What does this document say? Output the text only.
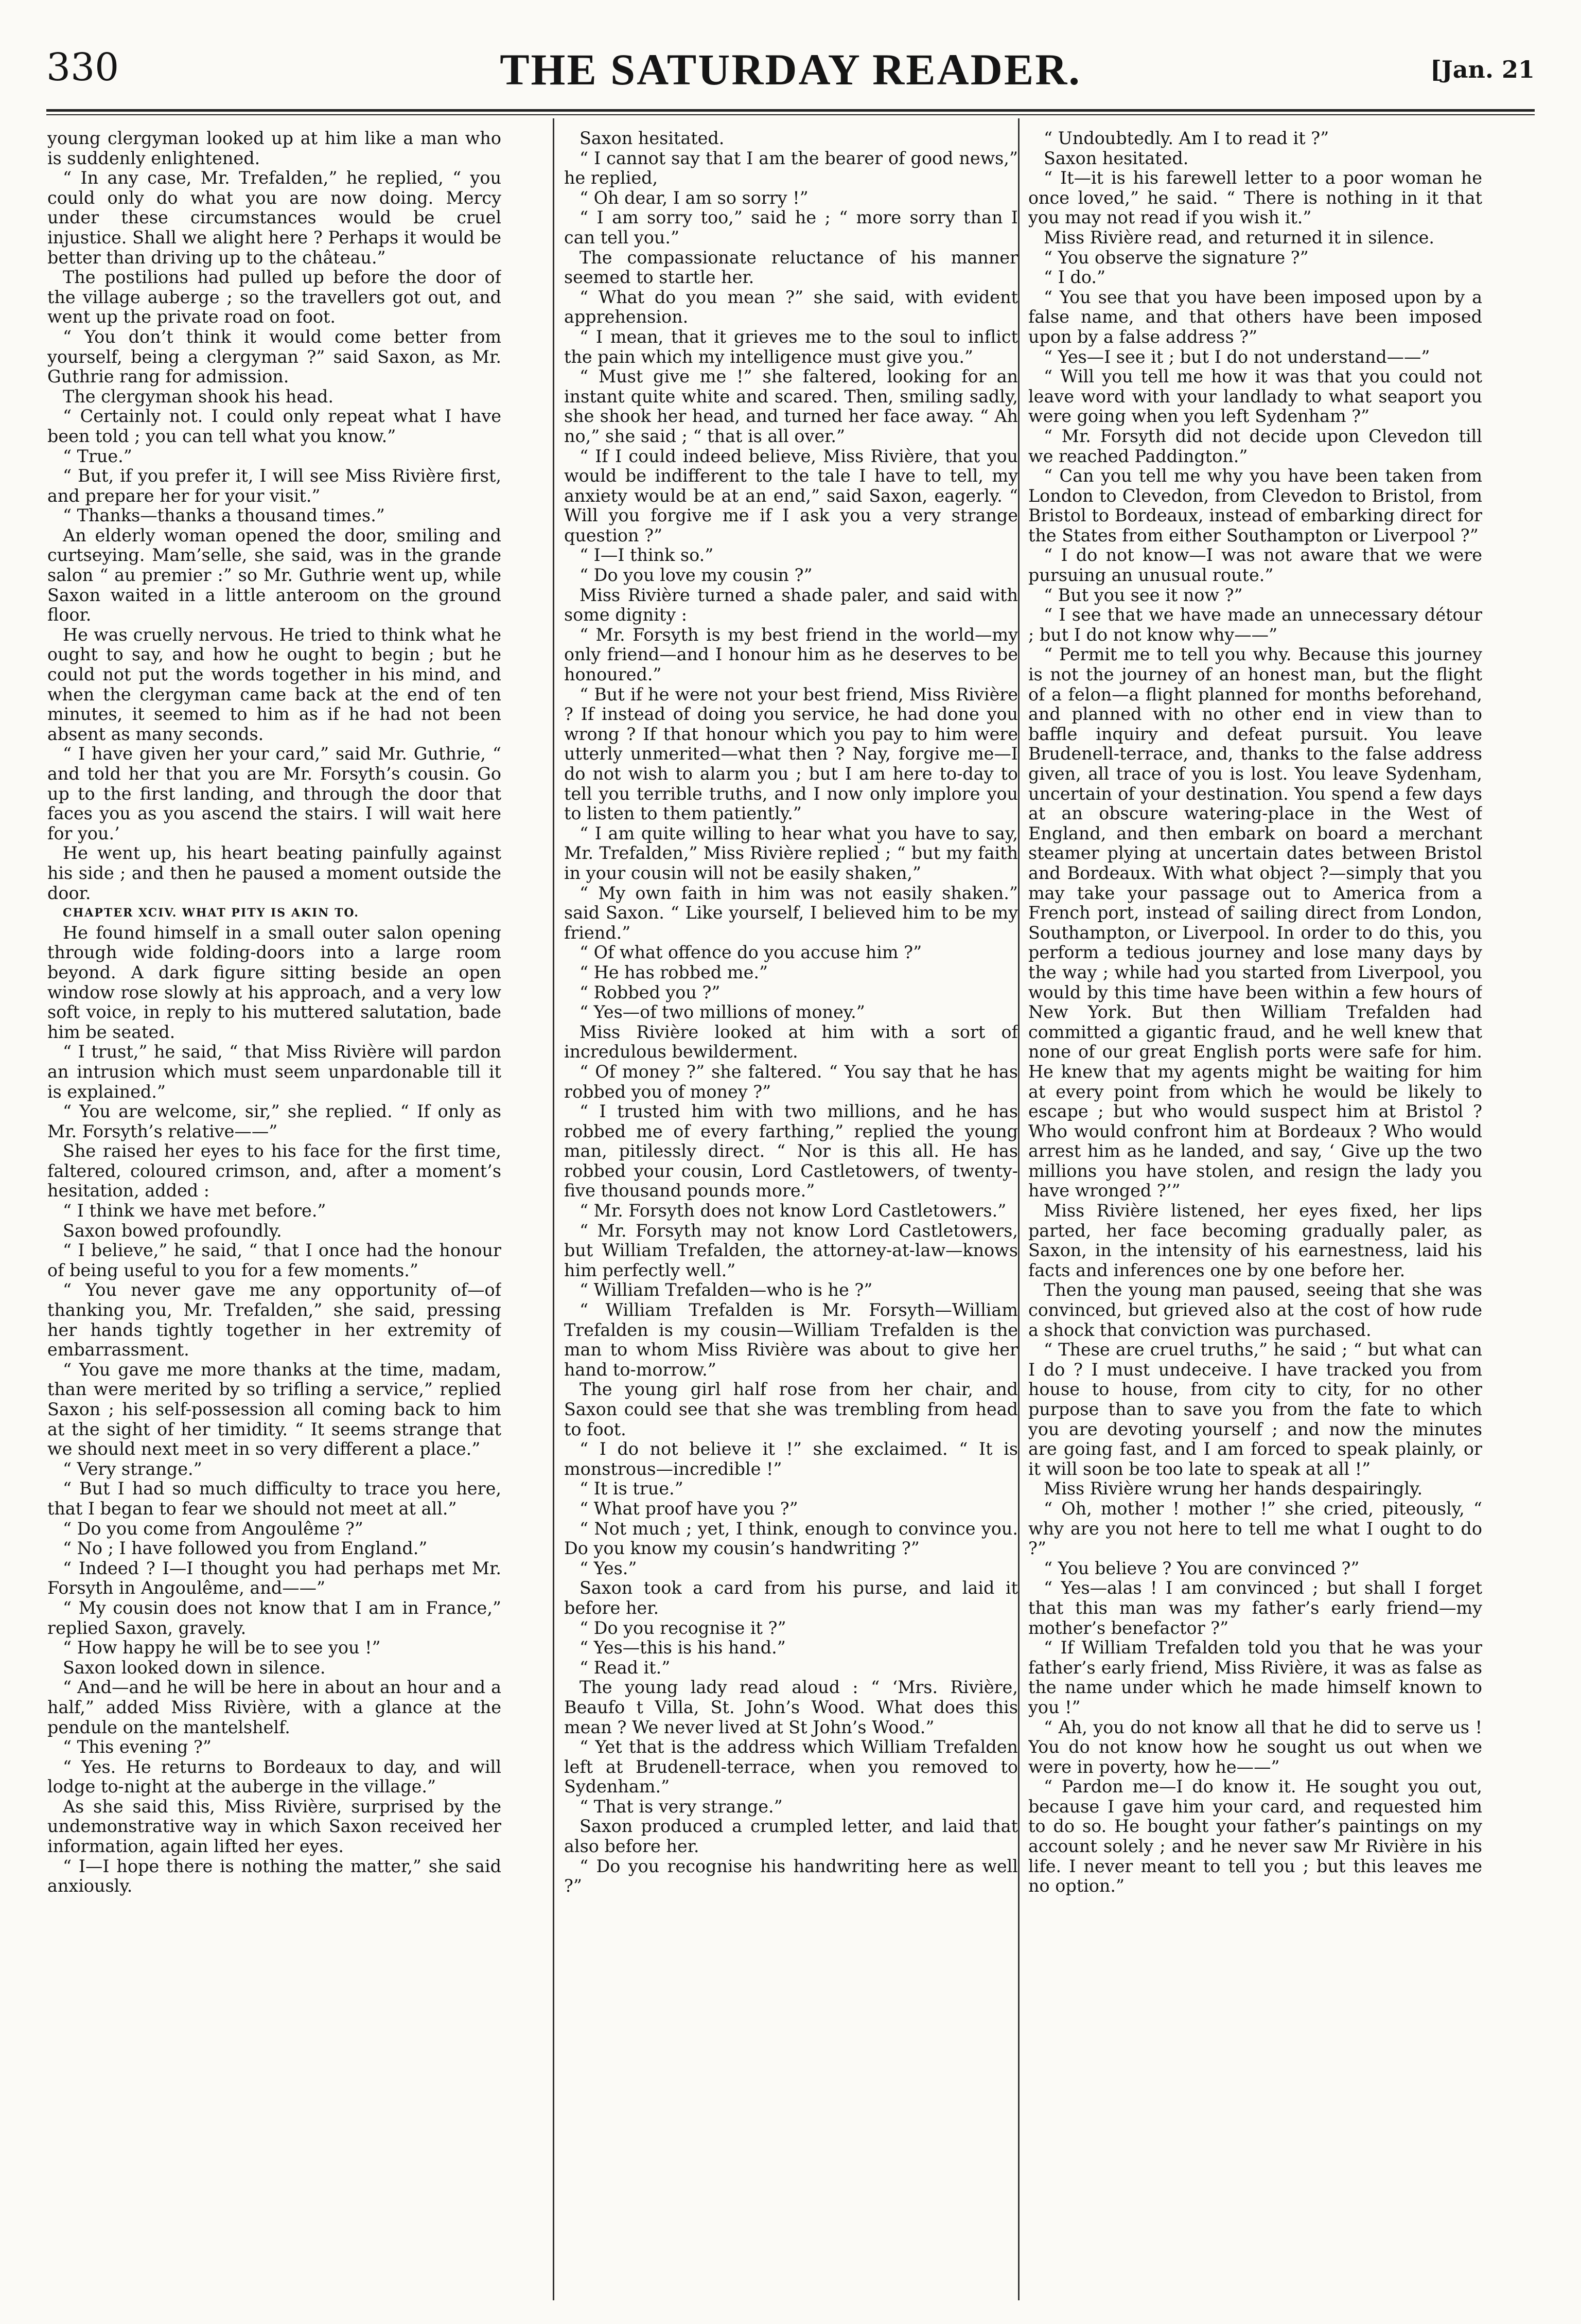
330	THE SATURDAY READER.	[Jan. 21

young clergyman looked up at him like a man who is suddenly enlightened.

“ In any case, Mr. Trefalden,” he replied, “ you could only do what you are now doing. Mercy under these circumstances would be cruel injustice. Shall we alight here ? Perhaps it would be better than driving up to the château.”

The postilions had pulled up before the door of the village auberge ; so the travellers got out, and went up the private road on foot.

“ You don’t think it would come better from yourself, being a clergyman ?” said Saxon, as Mr. Guthrie rang for admission.

The clergyman shook his head.

“ Certainly not. I could only repeat what I have been told ; you can tell what you know.”

“ True.”

“ But, if you prefer it, I will see Miss Rivière first, and prepare her for your visit.”

“ Thanks—thanks a thousand times.”

An elderly woman opened the door, smiling and curtseying. Mam’selle, she said, was in the grande salon “ au premier :” so Mr. Guthrie went up, while Saxon waited in a little anteroom on the ground floor.

He was cruelly nervous. He tried to think what he ought to say, and how he ought to begin ; but he could not put the words together in his mind, and when the clergyman came back at the end of ten minutes, it seemed to him as if he had not been absent as many seconds.

“ I have given her your card,” said Mr. Guthrie, “ and told her that you are Mr. Forsyth’s cousin. Go up to the first landing, and through the door that faces you as you ascend the stairs. I will wait here for you.’

He went up, his heart beating painfully against his side ; and then he paused a moment outside the door.

CHAPTER XCIV. WHAT PITY IS AKIN TO.

He found himself in a small outer salon opening through wide folding-doors into a large room beyond. A dark figure sitting beside an open window rose slowly at his approach, and a very low soft voice, in reply to his muttered salutation, bade him be seated.

“ I trust,” he said, “ that Miss Rivière will pardon an intrusion which must seem unpardonable till it is explained.”

“ You are welcome, sir,” she replied. “ If only as Mr. Forsyth’s relative——”

She raised her eyes to his face for the first time, faltered, coloured crimson, and, after a moment’s hesitation, added :

“ I think we have met before.”

Saxon bowed profoundly.

“ I believe,” he said, “ that I once had the honour of being useful to you for a few moments.”

“ You never gave me any opportunity of—of thanking you, Mr. Trefalden,” she said, pressing her hands tightly together in her extremity of embarrassment.

“ You gave me more thanks at the time, madam, than were merited by so trifling a service,” replied Saxon ; his self-possession all coming back to him at the sight of her timidity. “ It seems strange that we should next meet in so very different a place.”

“ Very strange.”

“ But I had so much difficulty to trace you here, that I began to fear we should not meet at all.”

“ Do you come from Angoulême ?”

“ No ; I have followed you from England.”

“ Indeed ? I—I thought you had perhaps met Mr. Forsyth in Angoulême, and——”

“ My cousin does not know that I am in France,” replied Saxon, gravely.

“ How happy he will be to see you !”

Saxon looked down in silence.

“ And—and he will be here in about an hour and a half,” added Miss Rivière, with a glance at the pendule on the mantelshelf.

“ This evening ?”

“ Yes. He returns to Bordeaux to day, and will lodge to-night at the auberge in the village.”

As she said this, Miss Rivière, surprised by the undemonstrative way in which Saxon received her information, again lifted her eyes.

“ I—I hope there is nothing the matter,” she said anxiously.

Saxon hesitated.

“ I cannot say that I am the bearer of good news,” he replied,

“ Oh dear, I am so sorry !”

“ I am sorry too,” said he ; “ more sorry than I can tell you.”

The compassionate reluctance of his manner seemed to startle her.

“ What do you mean ?” she said, with evident apprehension.

“ I mean, that it grieves me to the soul to inflict the pain which my intelligence must give you.”

“ Must give me !” she faltered, looking for an instant quite white and scared. Then, smiling sadly, she shook her head, and turned her face away. “ Ah no,” she said ; “ that is all over.”

“ If I could indeed believe, Miss Rivière, that you would be indifferent to the tale I have to tell, my anxiety would be at an end,” said Saxon, eagerly. “ Will you forgive me if I ask you a very strange question ?”

“ I—I think so.”

“ Do you love my cousin ?”

Miss Rivière turned a shade paler, and said with some dignity :

“ Mr. Forsyth is my best friend in the world—my only friend—and I honour him as he deserves to be honoured.”

“ But if he were not your best friend, Miss Rivière ? If instead of doing you service, he had done you wrong ? If that honour which you pay to him were utterly unmerited—what then ? Nay, forgive me—I do not wish to alarm you ; but I am here to-day to tell you terrible truths, and I now only implore you to listen to them patiently.”

“ I am quite willing to hear what you have to say, Mr. Trefalden,” Miss Rivière replied ; “ but my faith in your cousin will not be easily shaken,”

“ My own faith in him was not easily shaken.” said Saxon. “ Like yourself, I believed him to be my friend.”

“ Of what offence do you accuse him ?”

“ He has robbed me.”

“ Robbed you ?”

“ Yes—of two millions of money.”

Miss Rivière looked at him with a sort of incredulous bewilderment.

“ Of money ?” she faltered. “ You say that he has robbed you of money ?”

“ I trusted him with two millions, and he has robbed me of every farthing,” replied the young man, pitilessly direct. “ Nor is this all. He has robbed your cousin, Lord Castletowers, of twenty-five thousand pounds more.”

“ Mr. Forsyth does not know Lord Castletowers.”

“ Mr. Forsyth may not know Lord Castletowers, but William Trefalden, the attorney-at-law—knows him perfectly well.”

“ William Trefalden—who is he ?”

“ William Trefalden is Mr. Forsyth—William Trefalden is my cousin—William Trefalden is the man to whom Miss Rivière was about to give her hand to-morrow.”

The young girl half rose from her chair, and Saxon could see that she was trembling from head to foot.

“ I do not believe it !” she exclaimed. “ It is monstrous—incredible !”

“ It is true.”

“ What proof have you ?”

“ Not much ; yet, I think, enough to convince you. Do you know my cousin’s handwriting ?”

“ Yes.”

Saxon took a card from his purse, and laid it before her.

“ Do you recognise it ?”

“ Yes—this is his hand.”

“ Read it.”

The young lady read aloud : “ ‘Mrs. Rivière, Beaufo t Villa, St. John’s Wood. What does this mean ? We never lived at St John’s Wood.”

“ Yet that is the address which William Trefalden left at Brudenell-terrace, when you removed to Sydenham.”

“ That is very strange.”

Saxon produced a crumpled letter, and laid that also before her.

“ Do you recognise his handwriting here as well ?”

“ Undoubtedly. Am I to read it ?”

Saxon hesitated.

“ It—it is his farewell letter to a poor woman he once loved,” he said. “ There is nothing in it that you may not read if you wish it.”

Miss Rivière read, and returned it in silence.

“ You observe the signature ?”

“ I do.”

“ You see that you have been imposed upon by a false name, and that others have been imposed upon by a false address ?”

“ Yes—I see it ; but I do not understand——”

“ Will you tell me how it was that you could not leave word with your landlady to what seaport you were going when you left Sydenham ?”

“ Mr. Forsyth did not decide upon Clevedon till we reached Paddington.”

“ Can you tell me why you have been taken from London to Clevedon, from Clevedon to Bristol, from Bristol to Bordeaux, instead of embarking direct for the States from either Southampton or Liverpool ?”

“ I do not know—I was not aware that we were pursuing an unusual route.”

“ But you see it now ?”

“ I see that we have made an unnecessary détour ; but I do not know why——”

“ Permit me to tell you why. Because this journey is not the journey of an honest man, but the flight of a felon—a flight planned for months beforehand, and planned with no other end in view than to baffle inquiry and defeat pursuit. You leave Brudenell-terrace, and, thanks to the false address given, all trace of you is lost. You leave Sydenham, uncertain of your destination. You spend a few days at an obscure watering-place in the West of England, and then embark on board a merchant steamer plying at uncertain dates between Bristol and Bordeaux. With what object ?—simply that you may take your passage out to America from a French port, instead of sailing direct from London, Southampton, or Liverpool. In order to do this, you perform a tedious journey and lose many days by the way ; while had you started from Liverpool, you would by this time have been within a few hours of New York. But then William Trefalden had committed a gigantic fraud, and he well knew that none of our great English ports were safe for him. He knew that my agents might be waiting for him at every point from which he would be likely to escape ; but who would suspect him at Bristol ? Who would confront him at Bordeaux ? Who would arrest him as he landed, and say, ‘ Give up the two millions you have stolen, and resign the lady you have wronged ?’”

Miss Rivière listened, her eyes fixed, her lips parted, her face becoming gradually paler, as Saxon, in the intensity of his earnestness, laid his facts and inferences one by one before her.

Then the young man paused, seeing that she was convinced, but grieved also at the cost of how rude a shock that conviction was purchased.

“ These are cruel truths,” he said ; “ but what can I do ? I must undeceive. I have tracked you from house to house, from city to city, for no other purpose than to save you from the fate to which you are devoting yourself ; and now the minutes are going fast, and I am forced to speak plainly, or it will soon be too late to speak at all !”

Miss Rivière wrung her hands despairingly.

“ Oh, mother ! mother !” she cried, piteously, “ why are you not here to tell me what I ought to do ?”

“ You believe ? You are convinced ?”

“ Yes—alas ! I am convinced ; but shall I forget that this man was my father’s early friend—my mother’s benefactor ?”

“ If William Trefalden told you that he was your father’s early friend, Miss Rivière, it was as false as the name under which he made himself known to you !”

“ Ah, you do not know all that he did to serve us ! You do not know how he sought us out when we were in poverty, how he——”

“ Pardon me—I do know it. He sought you out, because I gave him your card, and requested him to do so. He bought your father’s paintings on my account solely ; and he never saw Mr Rivière in his life. I never meant to tell you ; but this leaves me no option.”
